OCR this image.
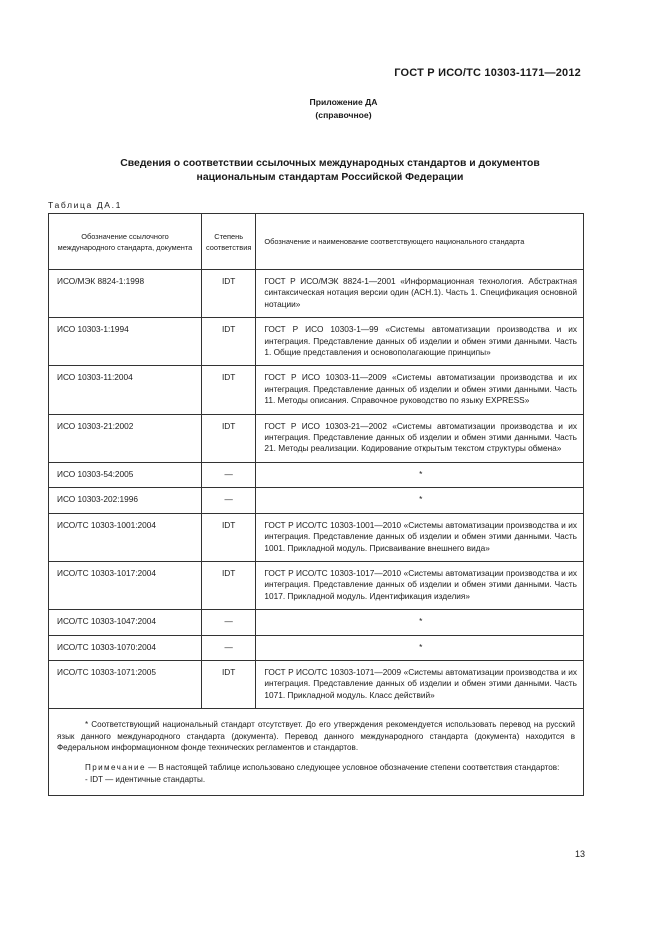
ГОСТ Р ИСО/ТС 10303-1171—2012
Приложение ДА
(справочное)
Сведения о соответствии ссылочных международных стандартов и документов
национальным стандартам Российской Федерации
Таблица ДА.1
Обозначение ссылочного международного стандарта, документа	Степень соответствия	Обозначение и наименование соответствующего национального стандарта
ИСО/МЭК 8824-1:1998	IDT	ГОСТ Р ИСО/МЭК 8824-1—2001 «Информационная технология. Абстрактная синтаксическая нотация версии один (АСН.1). Часть 1. Спецификация основной нотации»
ИСО 10303-1:1994	IDT	ГОСТ Р ИСО 10303-1—99 «Системы автоматизации производства и их интеграция. Представление данных об изделии и обмен этими данными. Часть 1. Общие представления и основополагающие принципы»
ИСО 10303-11:2004	IDT	ГОСТ Р ИСО 10303-11—2009 «Системы автоматизации производства и их интеграция. Представление данных об изделии и обмен этими данными. Часть 11. Методы описания. Справочное руководство по языку EXPRESS»
ИСО 10303-21:2002	IDT	ГОСТ Р ИСО 10303-21—2002 «Системы автоматизации производства и их интеграция. Представление данных об изделии и обмен этими данными. Часть 21. Методы реализации. Кодирование открытым текстом структуры обмена»
ИСО 10303-54:2005	—	*
ИСО 10303-202:1996	—	*
ИСО/ТС 10303-1001:2004	IDT	ГОСТ Р ИСО/ТС 10303-1001—2010 «Системы автоматизации производства и их интеграция. Представление данных об изделии и обмен этими данными. Часть 1001. Прикладной модуль. Присваивание внешнего вида»
ИСО/ТС 10303-1017:2004	IDT	ГОСТ Р ИСО/ТС 10303-1017—2010 «Системы автоматизации производства и их интеграция. Представление данных об изделии и обмен этими данными. Часть 1017. Прикладной модуль. Идентификация изделия»
ИСО/ТС 10303-1047:2004	—	*
ИСО/ТС 10303-1070:2004	—	*
ИСО/ТС 10303-1071:2005	IDT	ГОСТ Р ИСО/ТС 10303-1071—2009 «Системы автоматизации производства и их интеграция. Представление данных об изделии и обмен этими данными. Часть 1071. Прикладной модуль. Класс действий»

* Соответствующий национальный стандарт отсутствует. До его утверждения рекомендуется использовать перевод на русский язык данного международного стандарта (документа). Перевод данного международного стандарта (документа) находится в Федеральном информационном фонде технических регламентов и стандартов.

Примечание — В настоящей таблице использовано следующее условное обозначение степени соответствия стандартов:

- IDT — идентичные стандарты.		

13
